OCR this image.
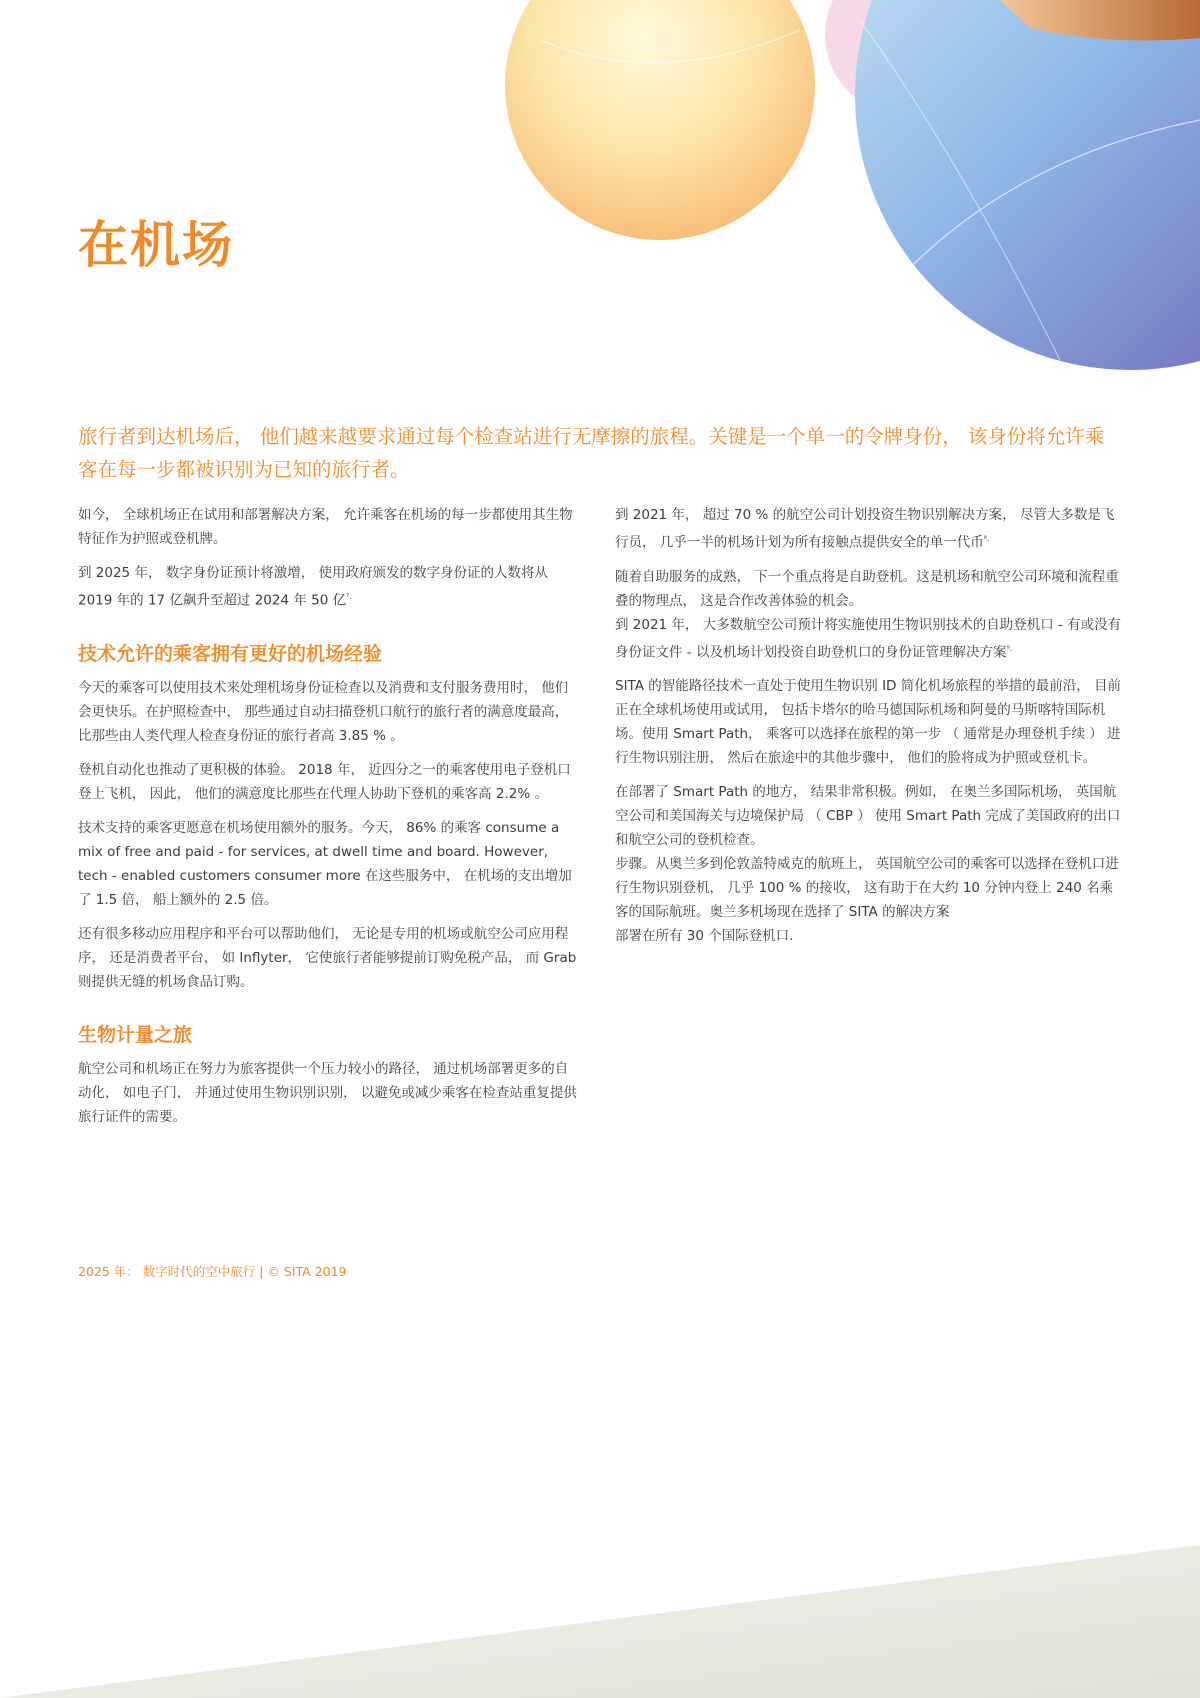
在机场

旅行者到达机场后， 他们越来越要求通过每个检查站进行无摩擦的旅程。关键是一个单一的令牌身份， 该身份将允许乘客在每一步都被识别为已知的旅行者。

如今， 全球机场正在试用和部署解决方案， 允许乘客在机场的每一步都使用其生物特征作为护照或登机牌。

到 2025 年， 数字身份证预计将激增， 使用政府颁发的数字身份证的人数将从 2019 年的 17 亿飙升至超过 2024 年 50 亿$^{^7.}$

技术允许的乘客拥有更好的机场经验

今天的乘客可以使用技术来处理机场身份证检查以及消费和支付服务费用时， 他们会更快乐。在护照检查中， 那些通过自动扫描登机口航行的旅行者的满意度最高， 比那些由人类代理人检查身份证的旅行者高 3.85 % 。

登机自动化也推动了更积极的体验。 2018 年， 近四分之一的乘客使用电子登机口登上飞机， 因此， 他们的满意度比那些在代理人协助下登机的乘客高 2.2% 。

技术支持的乘客更愿意在机场使用额外的服务。今天， 86% 的乘客 consume a mix of free and paid - for services, at dwell time and board. However, tech - enabled customers consumer more 在这些服务中， 在机场的支出增加了 1.5 倍， 船上额外的 2.5 倍。

还有很多移动应用程序和平台可以帮助他们， 无论是专用的机场或航空公司应用程序， 还是消费者平台， 如 Inflyter， 它使旅行者能够提前订购免税产品， 而 Grab 则提供无缝的机场食品订购。

生物计量之旅

航空公司和机场正在努力为旅客提供一个压力较小的路径， 通过机场部署更多的自动化， 如电子门， 并通过使用生物识别识别， 以避免或减少乘客在检查站重复提供旅行证件的需要。

到 2021 年， 超过 70 % 的航空公司计划投资生物识别解决方案， 尽管大多数是飞行员， 几乎一半的机场计划为所有接触点提供安全的单一代币$^{^8.}$

随着自助服务的成熟， 下一个重点将是自助登机。这是机场和航空公司环境和流程重叠的物理点， 这是合作改善体验的机会。

到 2021 年， 大多数航空公司预计将实施使用生物识别技术的自助登机口 - 有或没有身份证文件 - 以及机场计划投资自助登机口的身份证管理解决方案$^{^9.}$

SITA 的智能路径技术一直处于使用生物识别 ID 简化机场旅程的举措的最前沿， 目前正在全球机场使用或试用， 包括卡塔尔的哈马德国际机场和阿曼的马斯喀特国际机场。使用 Smart Path， 乘客可以选择在旅程的第一步 （ 通常是办理登机手续 ） 进行生物识别注册， 然后在旅途中的其他步骤中， 他们的脸将成为护照或登机卡。

在部署了 Smart Path 的地方， 结果非常积极。例如， 在奥兰多国际机场， 英国航空公司和美国海关与边境保护局 （ CBP ） 使用 Smart Path 完成了美国政府的出口和航空公司的登机检查。

步骤。从奥兰多到伦敦盖特威克的航班上， 英国航空公司的乘客可以选择在登机口进行生物识别登机， 几乎 100 % 的接收， 这有助于在大约 10 分钟内登上 240 名乘客的国际航班。奥兰多机场现在选择了 SITA 的解决方案

部署在所有 30 个国际登机口.

2025 年： 数字时代的空中旅行 | © SITA 2019
